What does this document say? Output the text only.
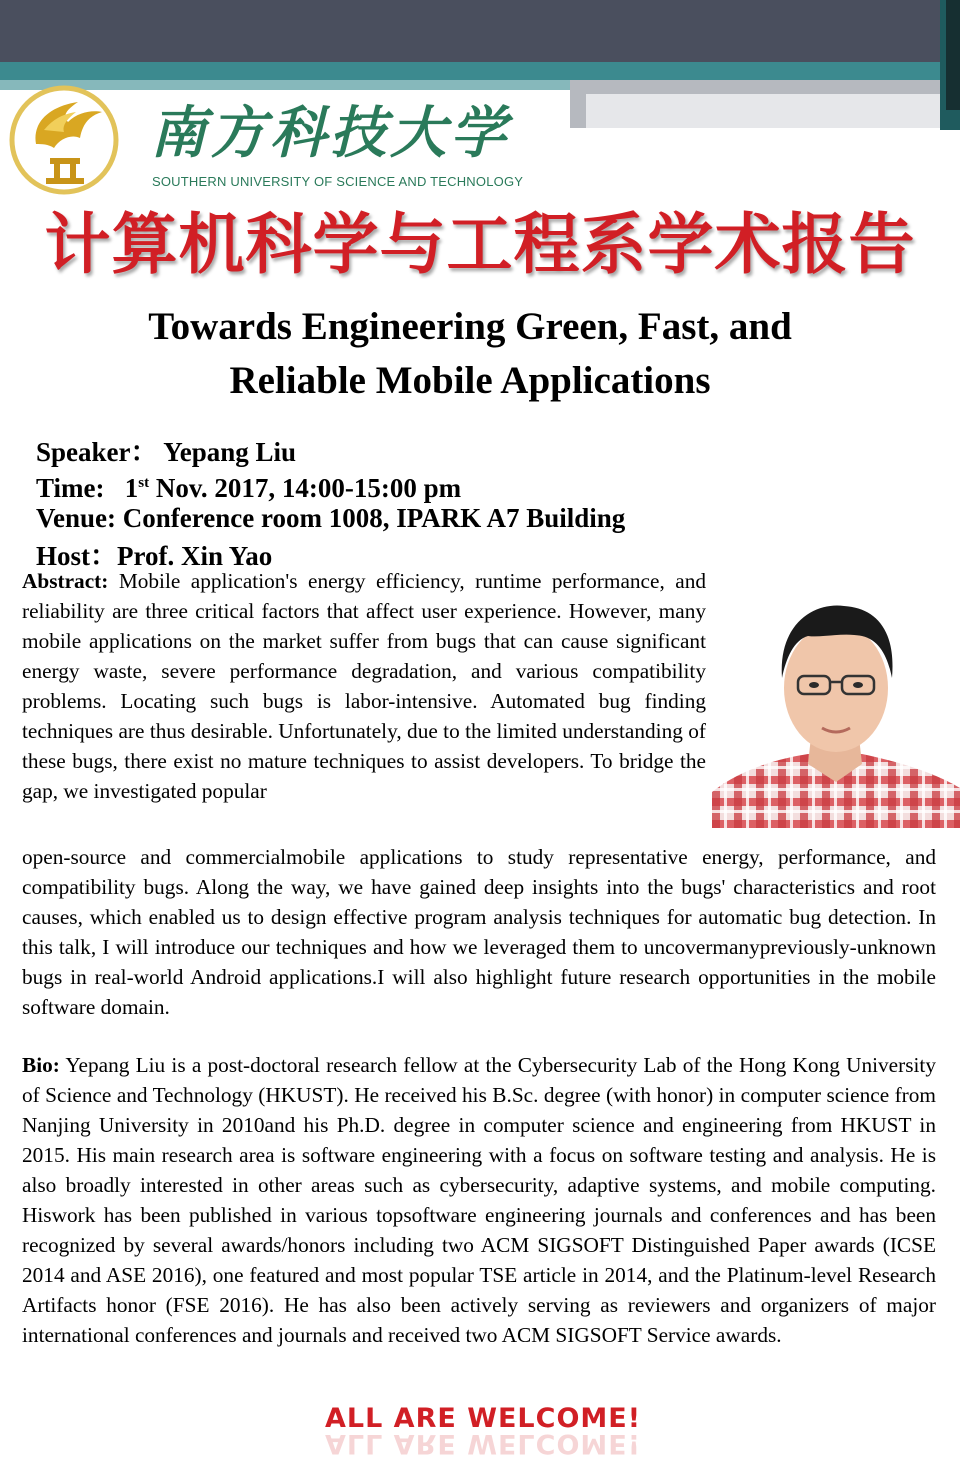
南方科技大学
SOUTHERN UNIVERSITY OF SCIENCE AND TECHNOLOGY
计算机科学与工程系学术报告
Towards Engineering Green, Fast, and
Reliable Mobile Applications
Speaker： Yepang Liu
Time: 1st Nov. 2017, 14:00-15:00 pm
Venue: Conference room 1008, IPARK A7 Building
Host：Prof. Xin Yao
Abstract: Mobile application's energy efficiency, runtime performance, and reliability are three critical factors that affect user experience. However, many mobile applications on the market suffer from bugs that can cause significant energy waste, severe performance degradation, and various compatibility problems. Locating such bugs is labor-intensive. Automated bug finding techniques are thus desirable. Unfortunately, due to the limited understanding of these bugs, there exist no mature techniques to assist developers. To bridge the gap, we investigated popular
open-source and commercialmobile applications to study representative energy, performance, and compatibility bugs. Along the way, we have gained deep insights into the bugs' characteristics and root causes, which enabled us to design effective program analysis techniques for automatic bug detection. In this talk, I will introduce our techniques and how we leveraged them to uncovermanypreviously-unknown bugs in real-world Android applications.I will also highlight future research opportunities in the mobile software domain.
Bio: Yepang Liu is a post-doctoral research fellow at the Cybersecurity Lab of the Hong Kong University of Science and Technology (HKUST). He received his B.Sc. degree (with honor) in computer science from Nanjing University in 2010and his Ph.D. degree in computer science and engineering from HKUST in 2015. His main research area is software engineering with a focus on software testing and analysis. He is also broadly interested in other areas such as cybersecurity, adaptive systems, and mobile computing. Hiswork has been published in various topsoftware engineering journals and conferences and has been recognized by several awards/honors including two ACM SIGSOFT Distinguished Paper awards (ICSE 2014 and ASE 2016), one featured and most popular TSE article in 2014, and the Platinum-level Research Artifacts honor (FSE 2016). He has also been actively serving as reviewers and organizers of major international conferences and journals and received two ACM SIGSOFT Service awards.
ALL ARE WELCOME!
ALL ARE WELCOME!
